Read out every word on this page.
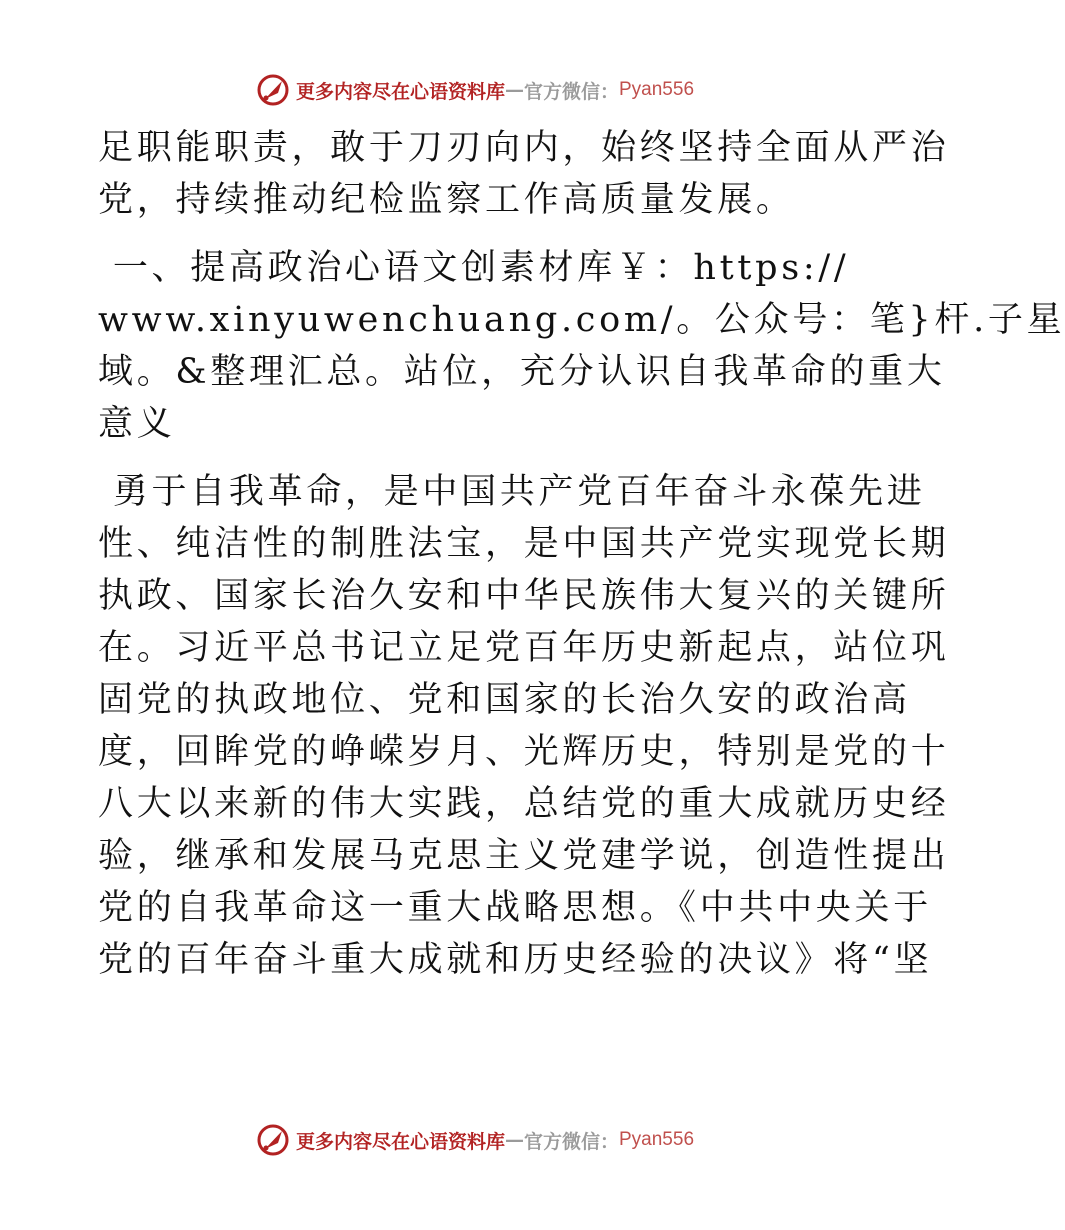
更多内容尽在心语资料库 — 官方微信： Pyan556
足职能职责，敢于刀刃向内，始终坚持全面从严治
党，持续推动纪检监察工作高质量发展。
一、提高政治心语文创素材库￥：https://
www.xinyuwenchuang.com/。公众号：笔}杆.子星
域。&整理汇总。站位，充分认识自我革命的重大
意义
勇于自我革命，是中国共产党百年奋斗永葆先进
性、纯洁性的制胜法宝，是中国共产党实现党长期
执政、国家长治久安和中华民族伟大复兴的关键所
在。习近平总书记立足党百年历史新起点，站位巩
固党的执政地位、党和国家的长治久安的政治高
度，回眸党的峥嵘岁月、光辉历史，特别是党的十
八大以来新的伟大实践，总结党的重大成就历史经
验，继承和发展马克思主义党建学说，创造性提出
党的自我革命这一重大战略思想。《中共中央关于
党的百年奋斗重大成就和历史经验的决议》将“坚
更多内容尽在心语资料库 — 官方微信： Pyan556
